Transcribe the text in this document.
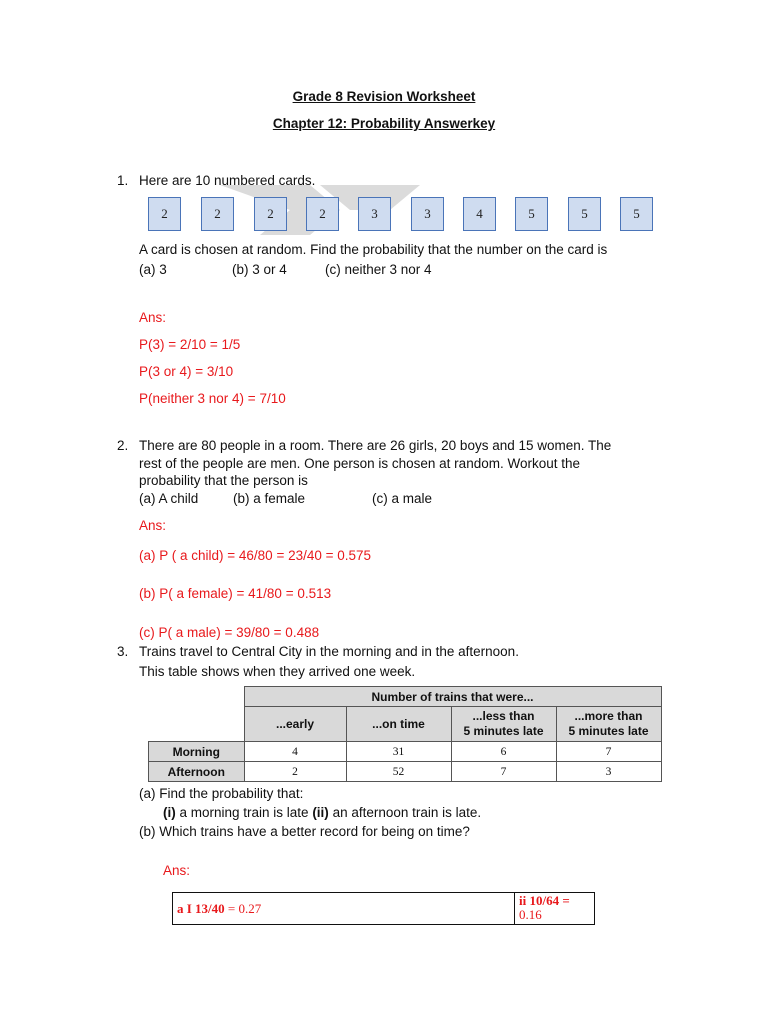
Grade 8 Revision Worksheet
Chapter 12: Probability Answerkey
1. Here are 10 numbered cards.
2	2	2	2	3	3	4	5	5	5
A card is chosen at random. Find the probability that the number on the card is
(a) 3	(b) 3 or 4	(c) neither 3 nor 4
Ans:
P(3) = 2/10 = 1/5
P(3 or 4) = 3/10
P(neither 3 nor 4) = 7/10
2. There are 80 people in a room. There are 26 girls, 20 boys and 15 women. The
rest of the people are men. One person is chosen at random. Workout the
probability that the person is
(a) A child	(b) a female	(c) a male
Ans:
(a) P ( a child) = 46/80 = 23/40 = 0.575
(b) P( a female) = 41/80 = 0.513
(c) P( a male) = 39/80 = 0.488
3. Trains travel to Central City in the morning and in the afternoon.
This table shows when they arrived one week.
	Number of trains that were...			
	...early	...on time	...less than
5 minutes late	...more than
5 minutes late
Morning	4	31	6	7
Afternoon	2	52	7	3
(a) Find the probability that:
(i) a morning train is late (ii) an afternoon train is late.
(b) Which trains have a better record for being on time?
Ans:
a I 13/40 = 0.27	ii 10/64 =
0.16
